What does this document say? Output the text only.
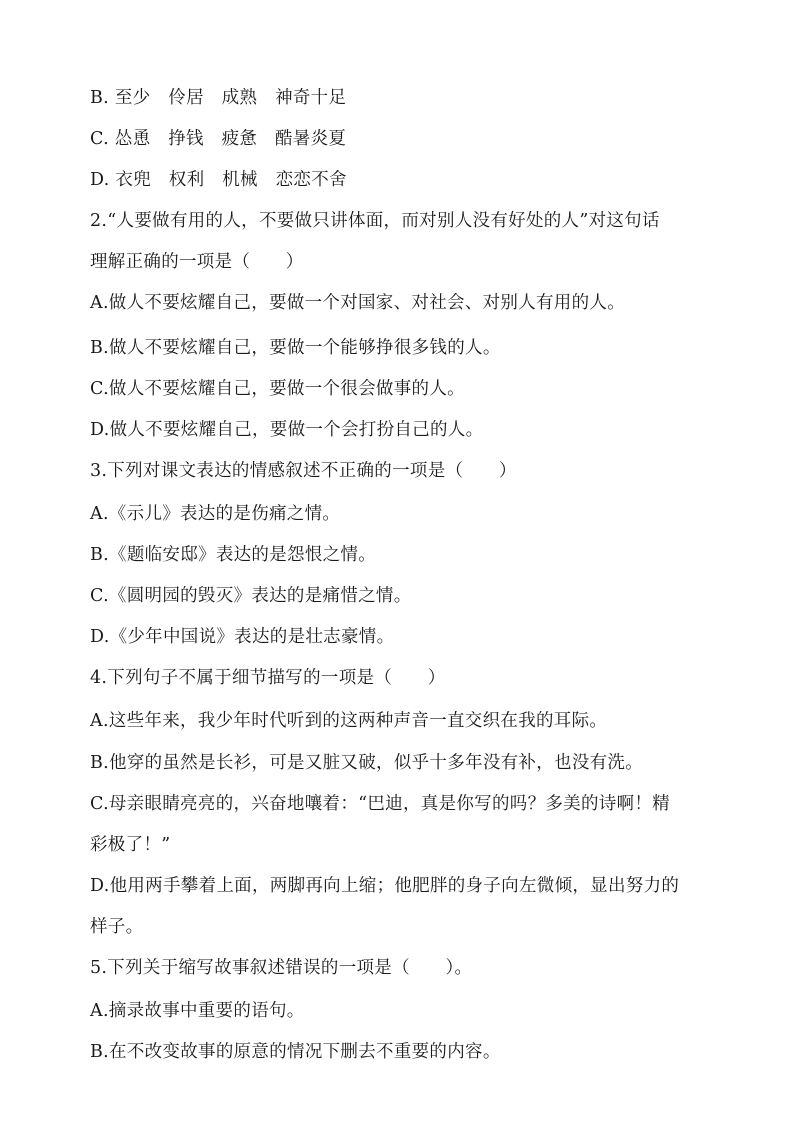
B. 至少　伶居　成熟　神奇十足
C. 怂恿　挣钱　疲惫　酷暑炎夏
D. 衣兜　权利　机械　恋恋不舍
2.“人要做有用的人，不要做只讲体面，而对别人没有好处的人”对这句话
理解正确的一项是（　　）
A.做人不要炫耀自己，要做一个对国家、对社会、对别人有用的人。
B.做人不要炫耀自己，要做一个能够挣很多钱的人。
C.做人不要炫耀自己，要做一个很会做事的人。
D.做人不要炫耀自己，要做一个会打扮自己的人。
3.下列对课文表达的情感叙述不正确的一项是（　　）
A.《示儿》表达的是伤痛之情。
B.《题临安邸》表达的是怨恨之情。
C.《圆明园的毁灭》表达的是痛惜之情。
D.《少年中国说》表达的是壮志豪情。
4.下列句子不属于细节描写的一项是（　　）
A.这些年来，我少年时代听到的这两种声音一直交织在我的耳际。
B.他穿的虽然是长衫，可是又脏又破，似乎十多年没有补，也没有洗。
C.母亲眼睛亮亮的，兴奋地嚷着：“巴迪，真是你写的吗？多美的诗啊！精
彩极了！”
D.他用两手攀着上面，两脚再向上缩；他肥胖的身子向左微倾，显出努力的
样子。
5.下列关于缩写故事叙述错误的一项是（　　）。
A.摘录故事中重要的语句。
B.在不改变故事的原意的情况下删去不重要的内容。
